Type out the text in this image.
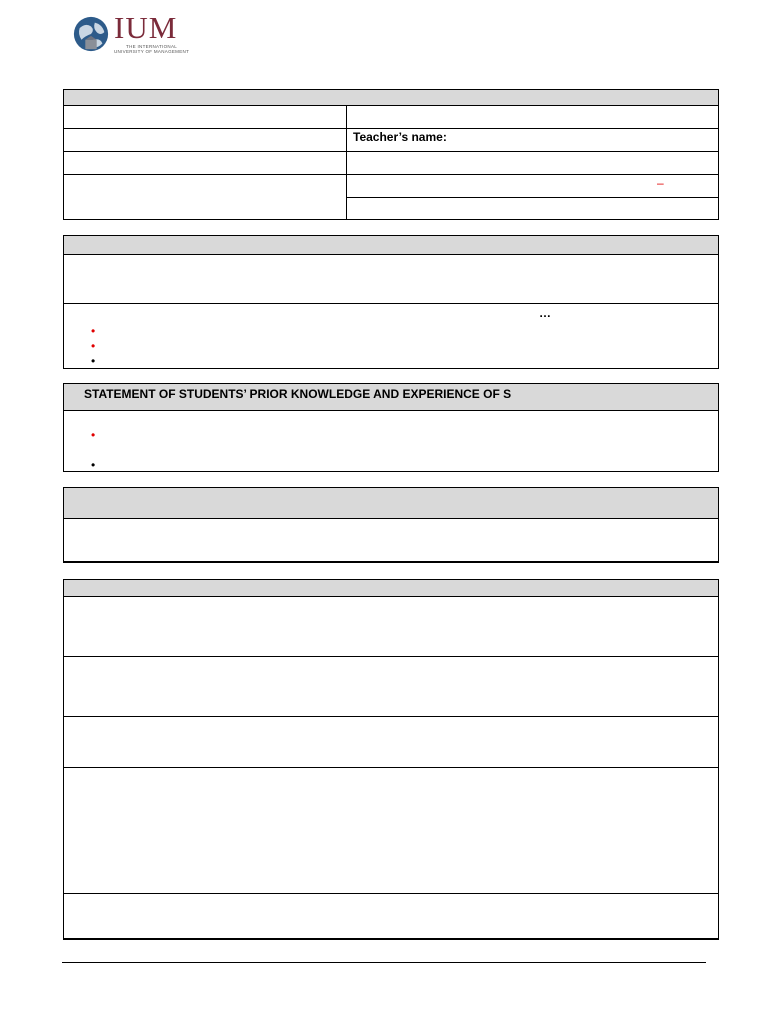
IUM
THE INTERNATIONAL
UNIVERSITY OF MANAGEMENT
Teacher’s name:
–
…
•
•
•
STATEMENT OF STUDENTS’ PRIOR KNOWLEDGE AND EXPERIENCE OF S
•
•
